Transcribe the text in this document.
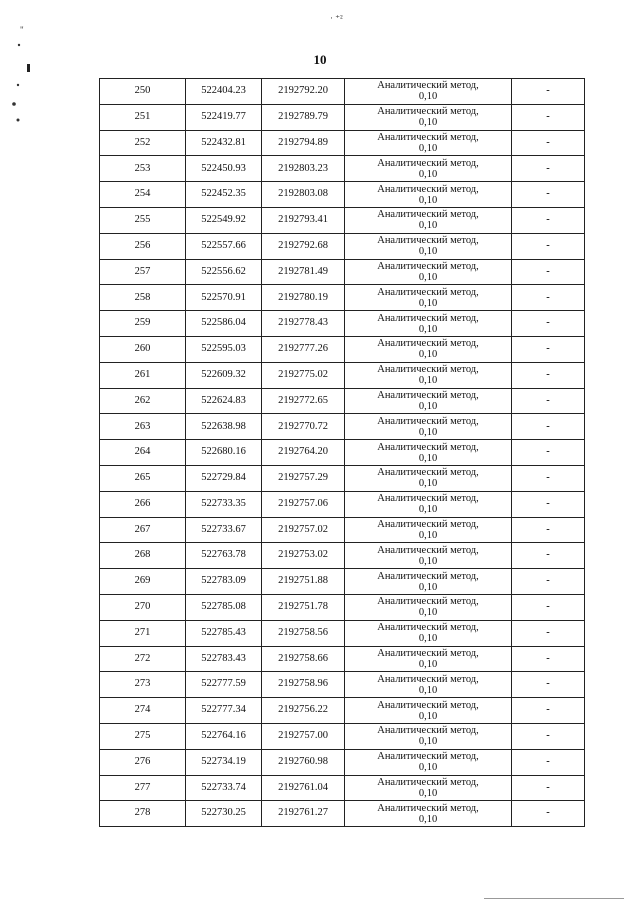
"
· ⁺²
10
250	522404.23	2192792.20	Аналитический метод,
0,10	-
251	522419.77	2192789.79	Аналитический метод,
0,10	-
252	522432.81	2192794.89	Аналитический метод,
0,10	-
253	522450.93	2192803.23	Аналитический метод,
0,10	-
254	522452.35	2192803.08	Аналитический метод,
0,10	-
255	522549.92	2192793.41	Аналитический метод,
0,10	-
256	522557.66	2192792.68	Аналитический метод,
0,10	-
257	522556.62	2192781.49	Аналитический метод,
0,10	-
258	522570.91	2192780.19	Аналитический метод,
0,10	-
259	522586.04	2192778.43	Аналитический метод,
0,10	-
260	522595.03	2192777.26	Аналитический метод,
0,10	-
261	522609.32	2192775.02	Аналитический метод,
0,10	-
262	522624.83	2192772.65	Аналитический метод,
0,10	-
263	522638.98	2192770.72	Аналитический метод,
0,10	-
264	522680.16	2192764.20	Аналитический метод,
0,10	-
265	522729.84	2192757.29	Аналитический метод,
0,10	-
266	522733.35	2192757.06	Аналитический метод,
0,10	-
267	522733.67	2192757.02	Аналитический метод,
0,10	-
268	522763.78	2192753.02	Аналитический метод,
0,10	-
269	522783.09	2192751.88	Аналитический метод,
0,10	-
270	522785.08	2192751.78	Аналитический метод,
0,10	-
271	522785.43	2192758.56	Аналитический метод,
0,10	-
272	522783.43	2192758.66	Аналитический метод,
0,10	-
273	522777.59	2192758.96	Аналитический метод,
0,10	-
274	522777.34	2192756.22	Аналитический метод,
0,10	-
275	522764.16	2192757.00	Аналитический метод,
0,10	-
276	522734.19	2192760.98	Аналитический метод,
0,10	-
277	522733.74	2192761.04	Аналитический метод,
0,10	-
278	522730.25	2192761.27	Аналитический метод,
0,10	-
